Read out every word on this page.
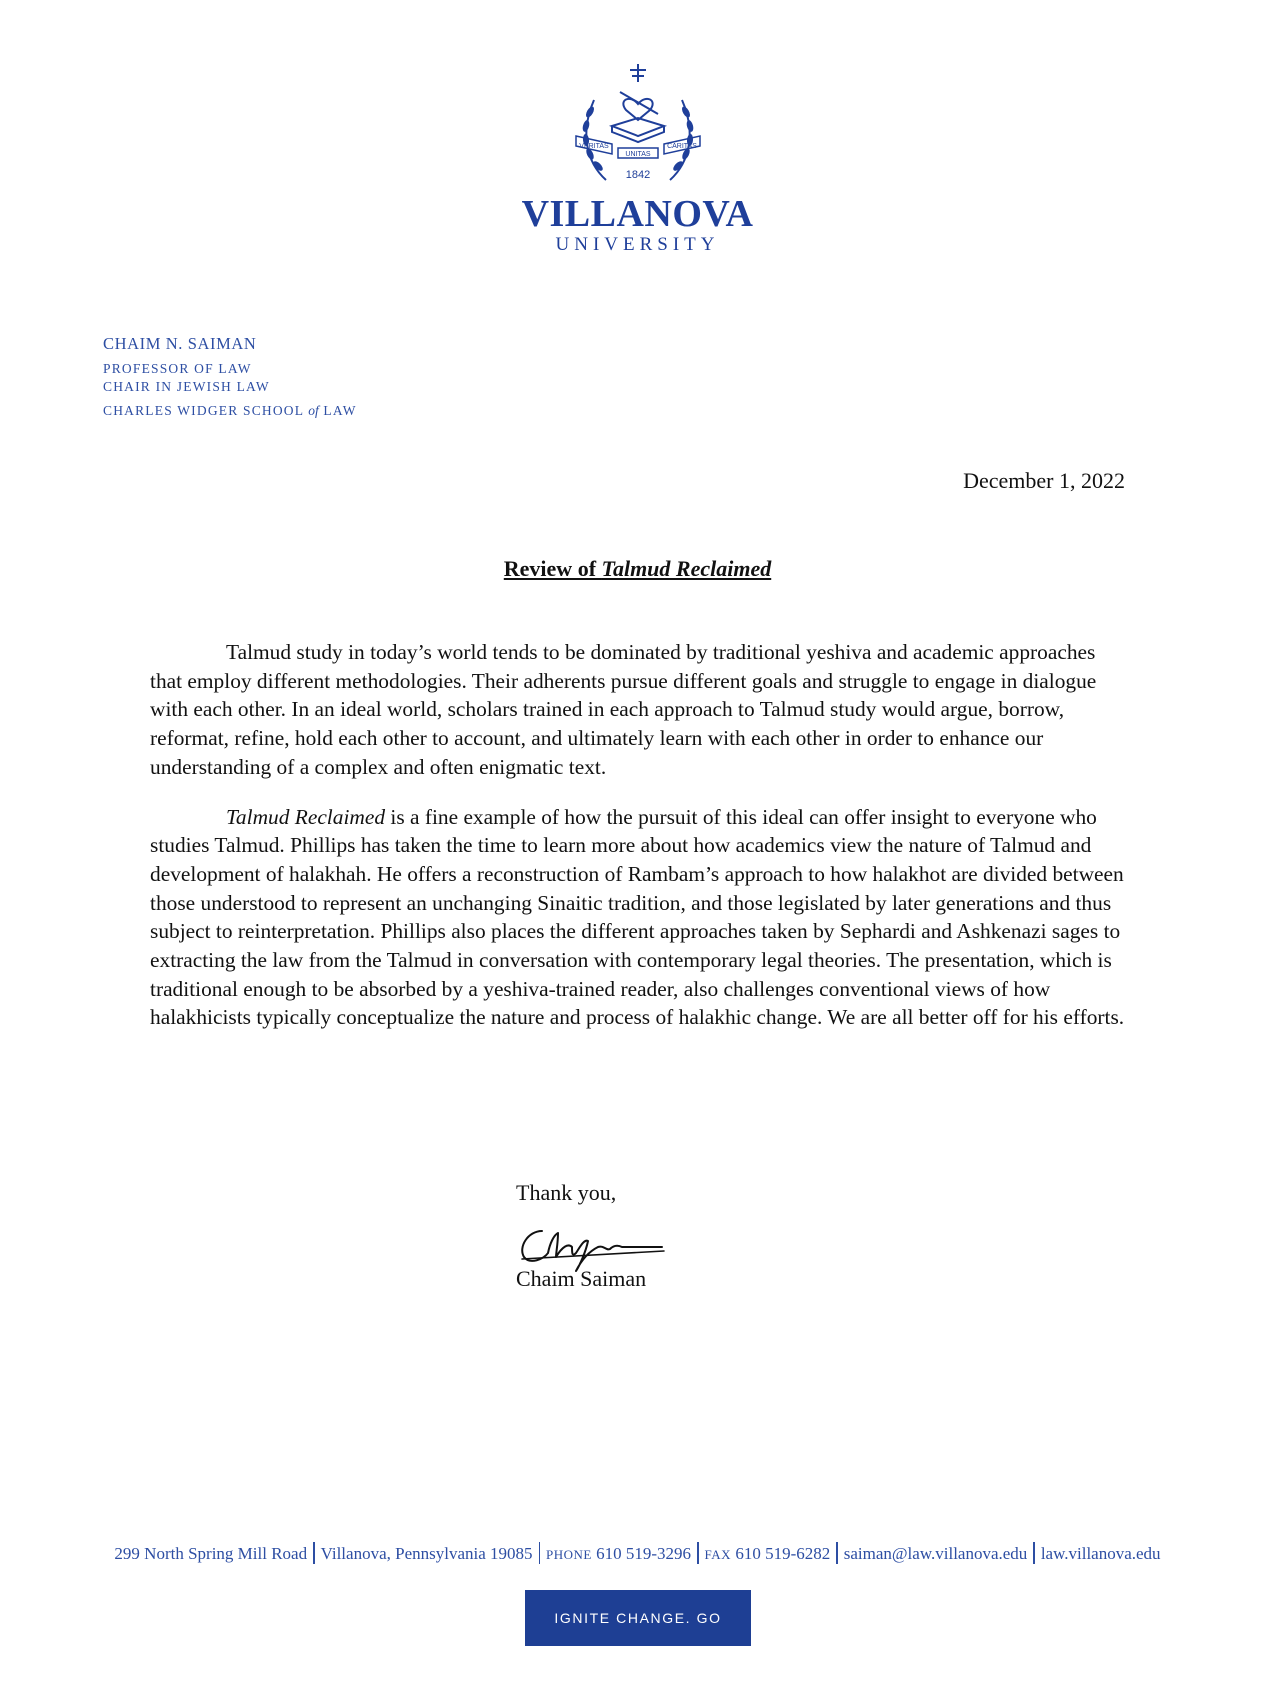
VERITAS
UNITAS
CARITAS
1842
VILLANOVA
UNIVERSITY
CHAIM N. SAIMAN
PROFESSOR OF LAW
CHAIR IN JEWISH LAW
CHARLES WIDGER SCHOOL of LAW
December 1, 2022
Review of Talmud Reclaimed

Talmud study in today’s world tends to be dominated by traditional yeshiva and academic approaches that employ different methodologies. Their adherents pursue different goals and struggle to engage in dialogue with each other. In an ideal world, scholars trained in each approach to Talmud study would argue, borrow, reformat, refine, hold each other to account, and ultimately learn with each other in order to enhance our understanding of a complex and often enigmatic text.

Talmud Reclaimed is a fine example of how the pursuit of this ideal can offer insight to everyone who studies Talmud. Phillips has taken the time to learn more about how academics view the nature of Talmud and development of halakhah. He offers a reconstruction of Rambam’s approach to how halakhot are divided between those understood to represent an unchanging Sinaitic tradition, and those legislated by later generations and thus subject to reinterpretation. Phillips also places the different approaches taken by Sephardi and Ashkenazi sages to extracting the law from the Talmud in conversation with contemporary legal theories. The presentation, which is traditional enough to be absorbed by a yeshiva-trained reader, also challenges conventional views of how halakhicists typically conceptualize the nature and process of halakhic change. We are all better off for his efforts.

Thank you,
Chaim Saiman
299 North Spring Mill Road Villanova, Pennsylvania 19085 PHONE 610 519-3296 FAX 610 519-6282 saiman@law.villanova.edu law.villanova.edu
IGNITE CHANGE. GO NOVA.®
